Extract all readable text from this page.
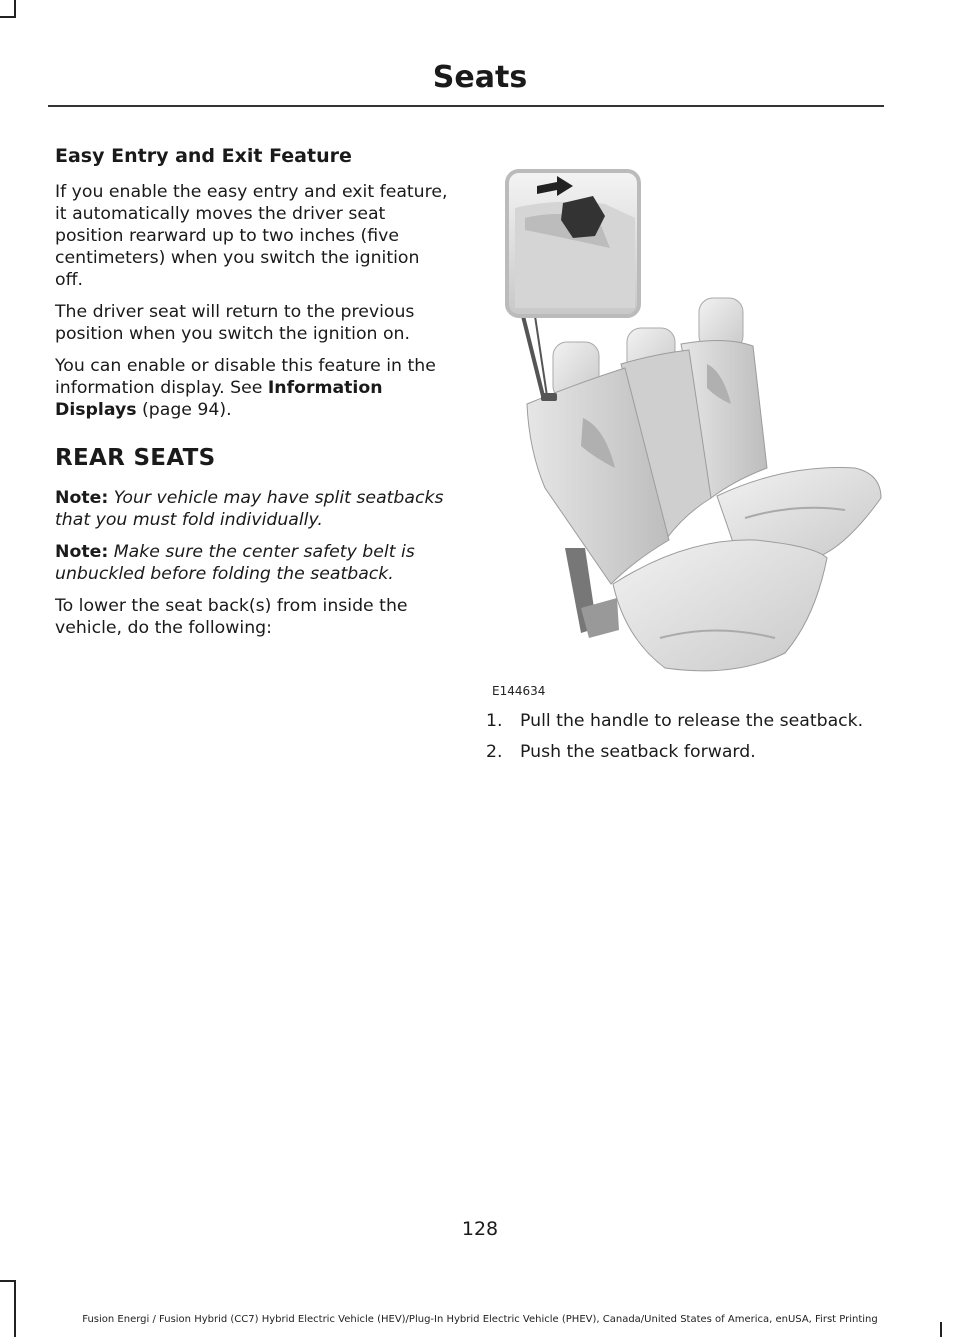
Seats
Easy Entry and Exit Feature

If you enable the easy entry and exit feature, it automatically moves the driver seat position rearward up to two inches (five centimeters) when you switch the ignition off.

The driver seat will return to the previous position when you switch the ignition on.

You can enable or disable this feature in the information display. See Information Displays (page 94).

REAR SEATS

Note: Your vehicle may have split seatbacks that you must fold individually.

Note: Make sure the center safety belt is unbuckled before folding the seatback.

To lower the seat back(s) from inside the vehicle, do the following:

E144634
1.	Pull the handle to release the seatback.
2.	Push the seatback forward.
128
Fusion Energi / Fusion Hybrid (CC7) Hybrid Electric Vehicle (HEV)/Plug-In Hybrid Electric Vehicle (PHEV), Canada/United States of America, enUSA, First Printing
